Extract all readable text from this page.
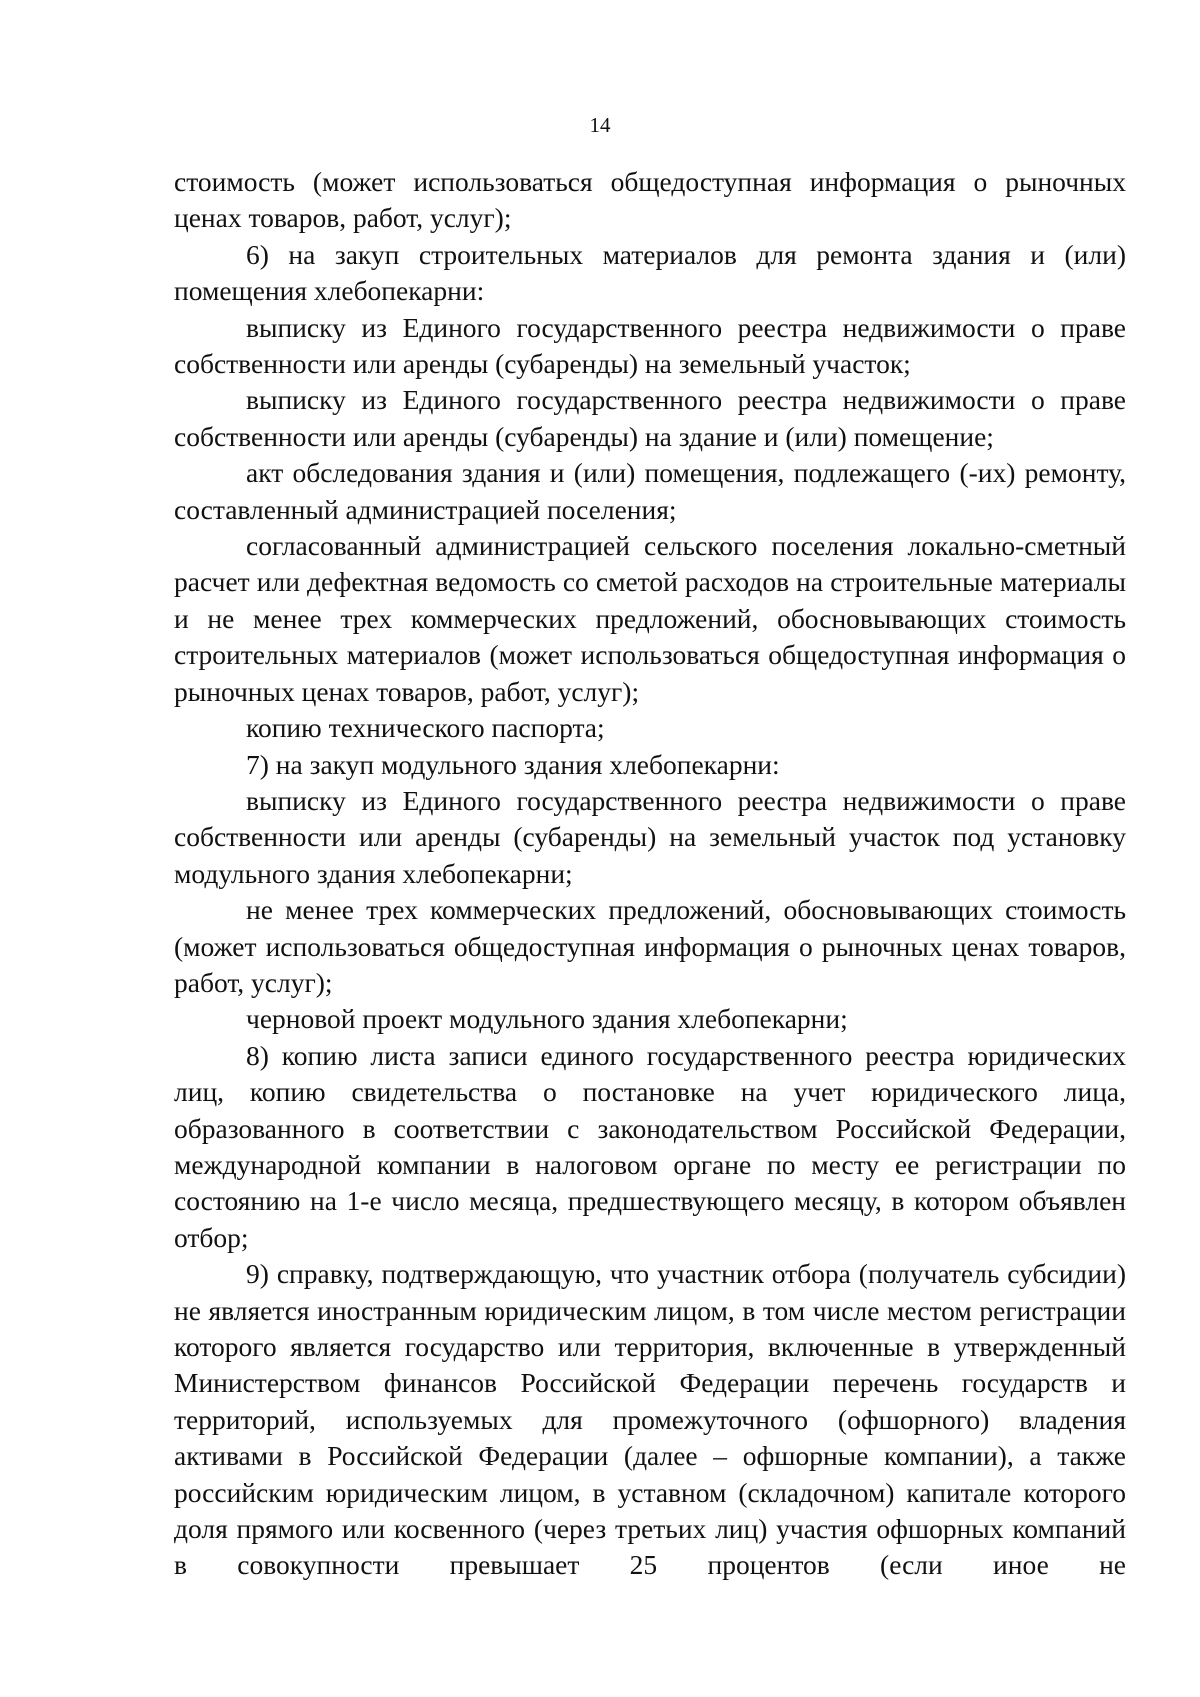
14

стоимость (может использоваться общедоступная информация о рыночных ценах товаров, работ, услуг);

6) на закуп строительных материалов для ремонта здания и (или) помещения хлебопекарни:

выписку из Единого государственного реестра недвижимости о праве собственности или аренды (субаренды) на земельный участок;

выписку из Единого государственного реестра недвижимости о праве собственности или аренды (субаренды) на здание и (или) помещение;

акт обследования здания и (или) помещения, подлежащего (-их) ремонту, составленный администрацией поселения;

согласованный администрацией сельского поселения локально-сметный расчет или дефектная ведомость со сметой расходов на строительные материалы и не менее трех коммерческих предложений, обосновывающих стоимость строительных материалов (может использоваться общедоступная информация о рыночных ценах товаров, работ, услуг);

копию технического паспорта;

7) на закуп модульного здания хлебопекарни:

выписку из Единого государственного реестра недвижимости о праве собственности или аренды (субаренды) на земельный участок под установку модульного здания хлебопекарни;

не менее трех коммерческих предложений, обосновывающих стоимость (может использоваться общедоступная информация о рыночных ценах товаров, работ, услуг);

черновой проект модульного здания хлебопекарни;

8) копию листа записи единого государственного реестра юридических лиц, копию свидетельства о постановке на учет юридического лица, образованного в соответствии с законодательством Российской Федерации, международной компании в налоговом органе по месту ее регистрации по состоянию на 1-е число месяца, предшествующего месяцу, в котором объявлен отбор;

9) справку, подтверждающую, что участник отбора (получатель субсидии) не является иностранным юридическим лицом, в том числе местом регистрации которого является государство или территория, включенные в утвержденный Министерством финансов Российской Федерации перечень государств и территорий, используемых для промежуточного (офшорного) владения активами в Российской Федерации (далее – офшорные компании), а также российским юридическим лицом, в уставном (складочном) капитале которого доля прямого или косвенного (через третьих лиц) участия офшорных компаний в совокупности превышает 25 процентов (если иное не
